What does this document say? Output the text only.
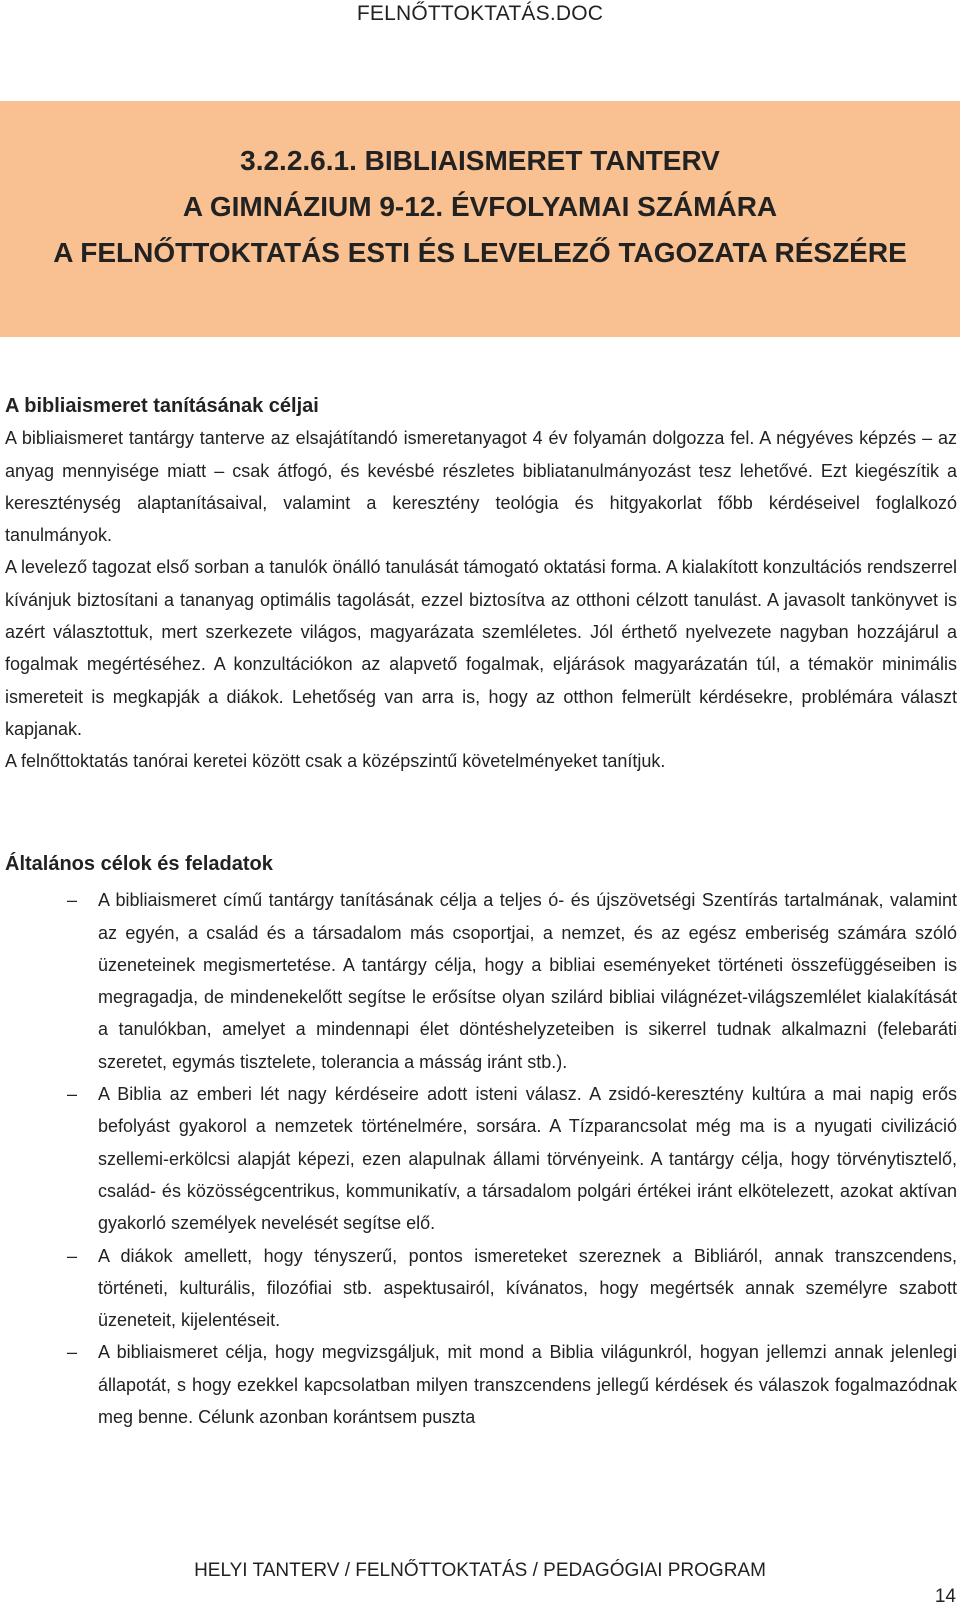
FELNŐTTOKTATÁS.DOC
3.2.2.6.1. BIBLIAISMERET TANTERV
A GIMNÁZIUM 9-12. ÉVFOLYAMAI SZÁMÁRA
A FELNŐTTOKTATÁS ESTI ÉS LEVELEZŐ TAGOZATA RÉSZÉRE
A bibliaismeret tanításának céljai

A bibliaismeret tantárgy tanterve az elsajátítandó ismeretanyagot 4 év folyamán dolgozza fel. A négyéves képzés – az anyag mennyisége miatt – csak átfogó, és kevésbé részletes bibliatanulmányozást tesz lehetővé. Ezt kiegészítik a kereszténység alaptanításaival, valamint a keresztény teológia és hitgyakorlat főbb kérdéseivel foglalkozó tanulmányok.

A levelező tagozat első sorban a tanulók önálló tanulását támogató oktatási forma. A kialakított konzultációs rendszerrel kívánjuk biztosítani a tananyag optimális tagolását, ezzel biztosítva az otthoni célzott tanulást. A javasolt tankönyvet is azért választottuk, mert szerkezete világos, magyarázata szemléletes. Jól érthető nyelvezete nagyban hozzájárul a fogalmak megértéséhez. A konzultációkon az alapvető fogalmak, eljárások magyarázatán túl, a témakör minimális ismereteit is megkapják a diákok. Lehetőség van arra is, hogy az otthon felmerült kérdésekre, problémára választ kapjanak.

A felnőttoktatás tanórai keretei között csak a középszintű követelményeket tanítjuk.

Általános célok és feladatok
– A bibliaismeret című tantárgy tanításának célja a teljes ó- és újszövetségi Szentírás tartalmának, valamint az egyén, a család és a társadalom más csoportjai, a nemzet, és az egész emberiség számára szóló üzeneteinek megismertetése. A tantárgy célja, hogy a bibliai eseményeket történeti összefüggéseiben is megragadja, de mindenekelőtt segítse le erősítse olyan szilárd bibliai világnézet-világszemlélet kialakítását a tanulókban, amelyet a mindennapi élet döntéshelyzeteiben is sikerrel tudnak alkalmazni (felebaráti szeretet, egymás tisztelete, tolerancia a másság iránt stb.).
– A Biblia az emberi lét nagy kérdéseire adott isteni válasz. A zsidó-keresztény kultúra a mai napig erős befolyást gyakorol a nemzetek történelmére, sorsára. A Tízparancsolat még ma is a nyugati civilizáció szellemi-erkölcsi alapját képezi, ezen alapulnak állami törvényeink. A tantárgy célja, hogy törvénytisztelő, család- és közösségcentrikus, kommunikatív, a társadalom polgári értékei iránt elkötelezett, azokat aktívan gyakorló személyek nevelését segítse elő.
– A diákok amellett, hogy tényszerű, pontos ismereteket szereznek a Bibliáról, annak transzcendens, történeti, kulturális, filozófiai stb. aspektusairól, kívánatos, hogy megértsék annak személyre szabott üzeneteit, kijelentéseit.
– A bibliaismeret célja, hogy megvizsgáljuk, mit mond a Biblia világunkról, hogyan jellemzi annak jelenlegi állapotát, s hogy ezekkel kapcsolatban milyen transzcendens jellegű kérdések és válaszok fogalmazódnak meg benne. Célunk azonban korántsem puszta
HELYI TANTERV / FELNŐTTOKTATÁS / PEDAGÓGIAI PROGRAM
14
